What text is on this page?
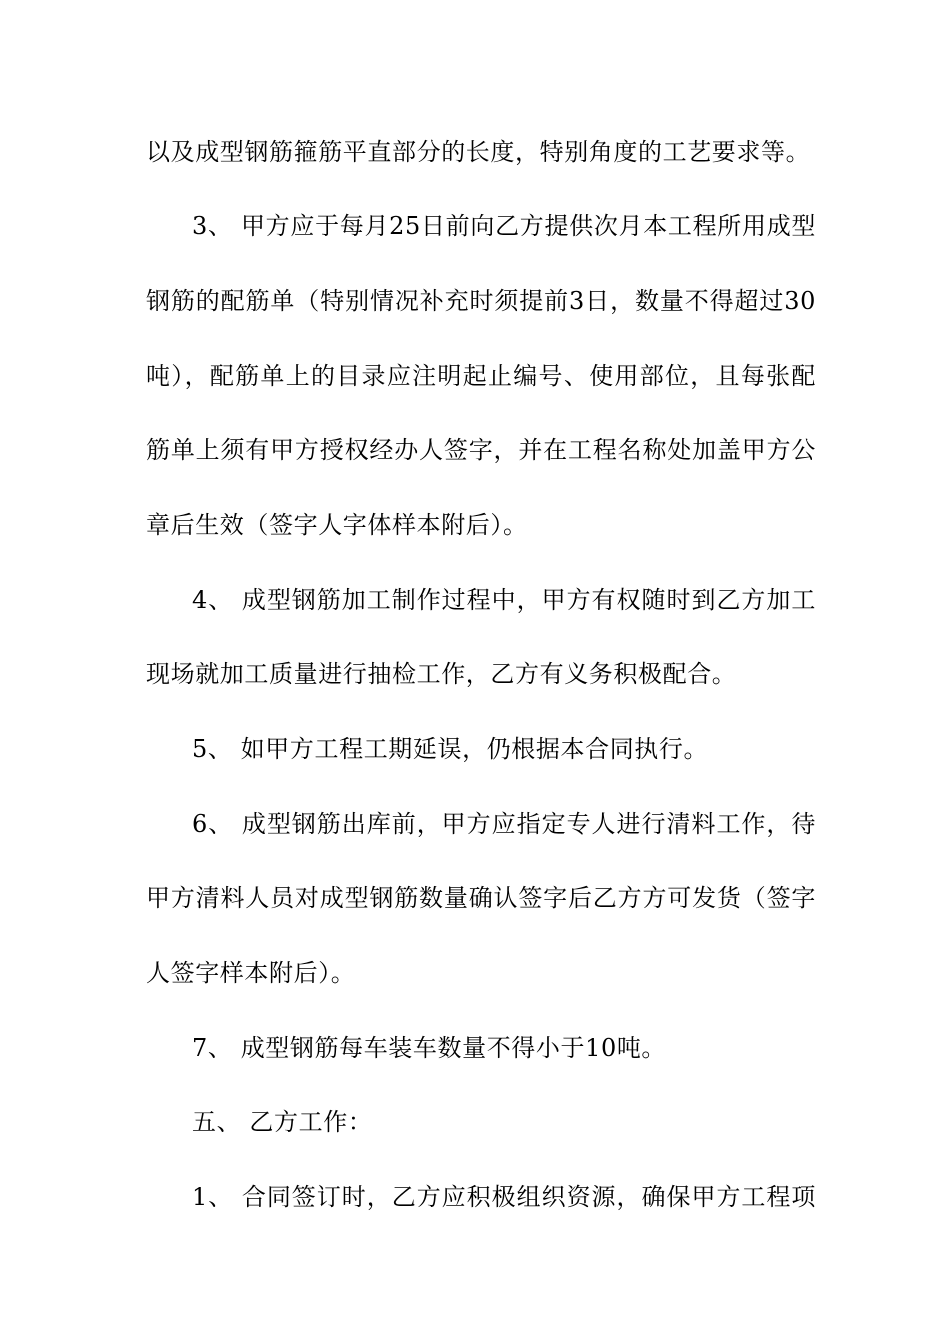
以及成型钢筋箍筋平直部分的长度，特别角度的工艺要求等。
3、 甲方应于每月25日前向乙方提供次月本工程所用成型
钢筋的配筋单（特别情况补充时须提前3日，数量不得超过30
吨），配筋单上的目录应注明起止编号、使用部位，且每张配
筋单上须有甲方授权经办人签字，并在工程名称处加盖甲方公
章后生效（签字人字体样本附后）。
4、 成型钢筋加工制作过程中，甲方有权随时到乙方加工
现场就加工质量进行抽检工作，乙方有义务积极配合。
5、 如甲方工程工期延误，仍根据本合同执行。
6、 成型钢筋出库前，甲方应指定专人进行清料工作，待
甲方清料人员对成型钢筋数量确认签字后乙方方可发货（签字
人签字样本附后）。
7、 成型钢筋每车装车数量不得小于10吨。
五、 乙方工作：
1、 合同签订时，乙方应积极组织资源，确保甲方工程项
